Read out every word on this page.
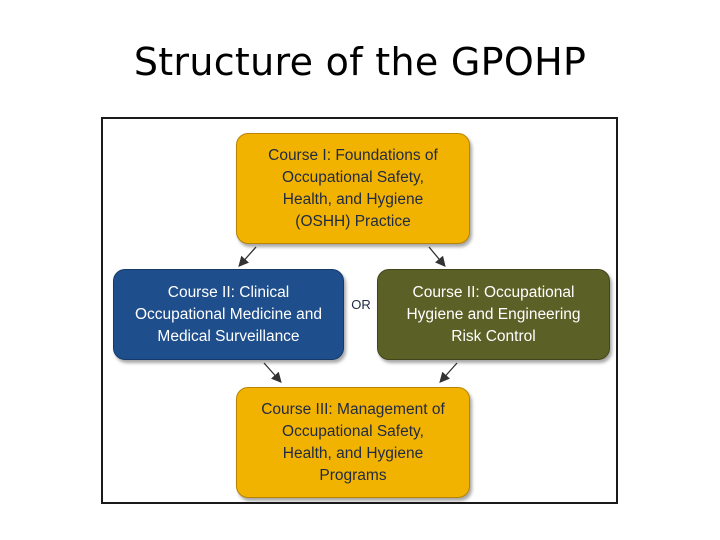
Structure of the GPOHP
Course I: Foundations of
Occupational Safety,
Health, and Hygiene
(OSHH) Practice
Course II: Clinical
Occupational Medicine and
Medical Surveillance
OR
Course II: Occupational
Hygiene and Engineering
Risk Control
Course III: Management of
Occupational Safety,
Health, and Hygiene
Programs
